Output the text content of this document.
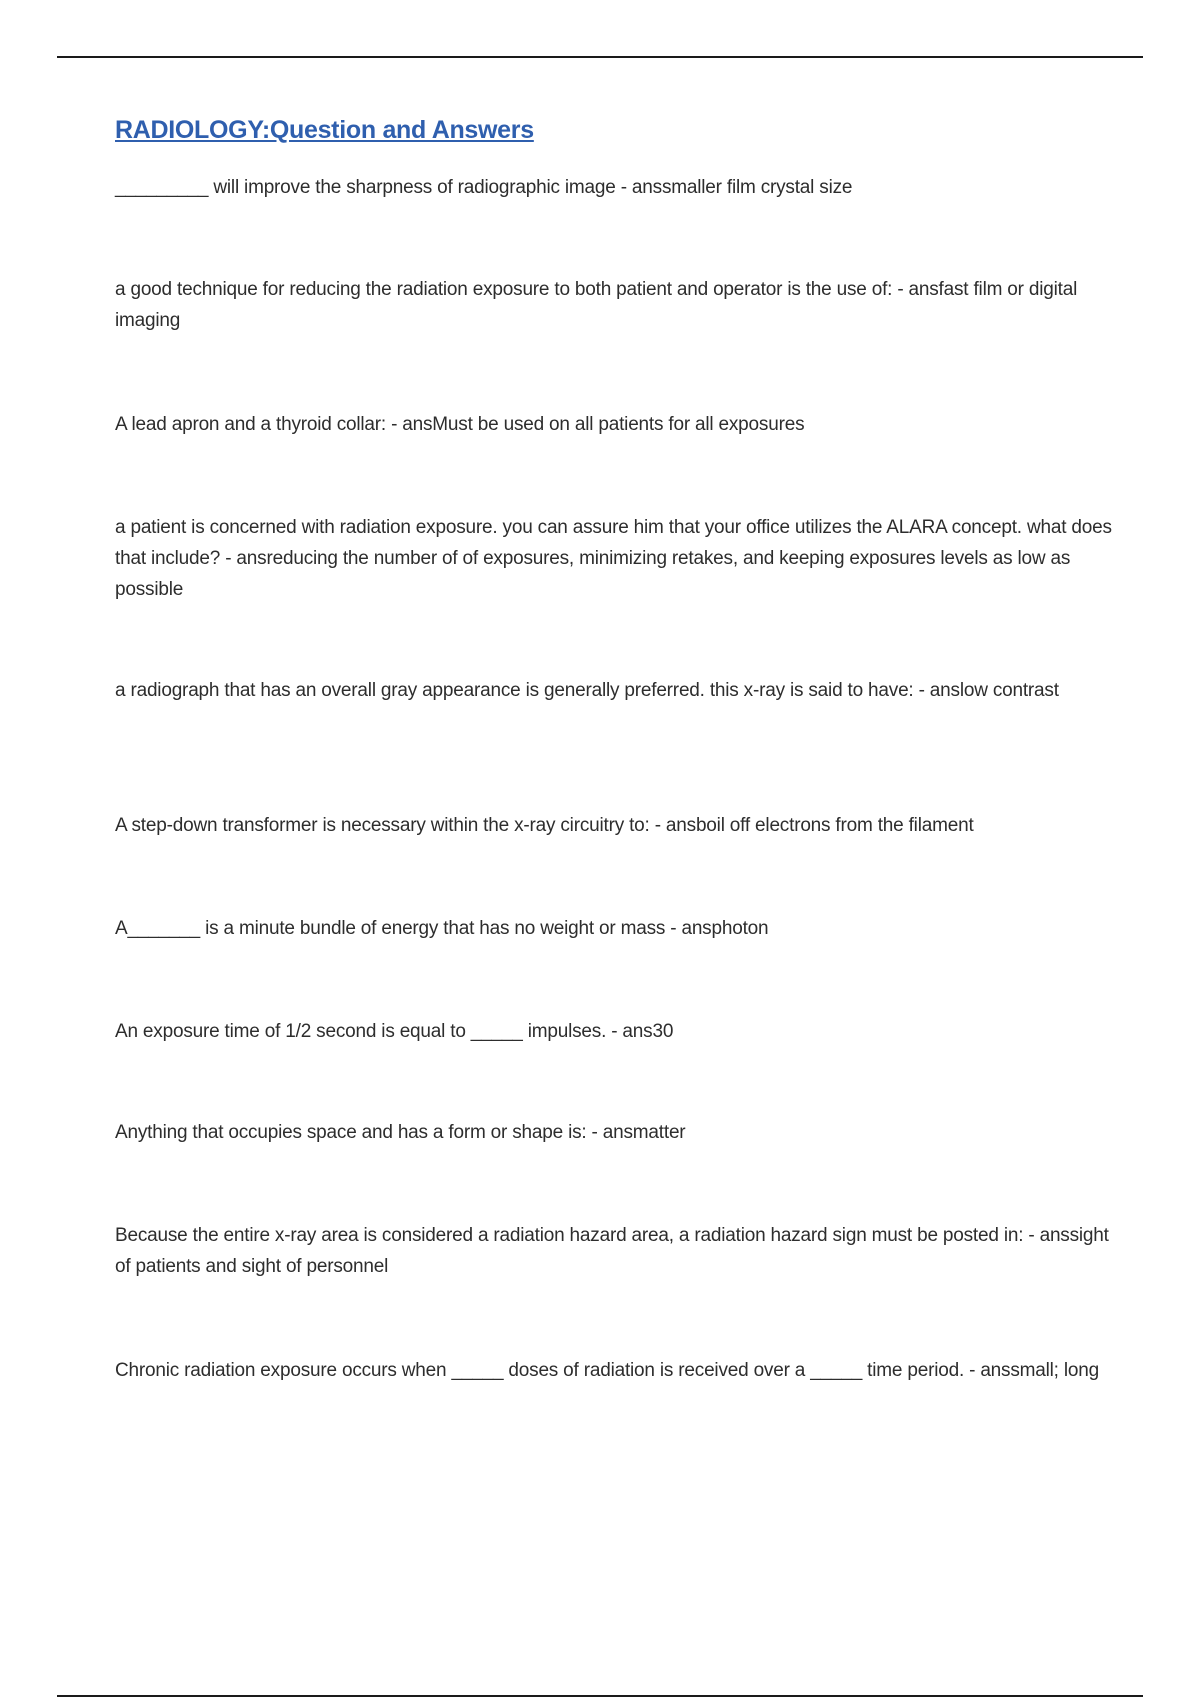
RADIOLOGY:Question and Answers

_________ will improve the sharpness of radiographic image - anssmaller film crystal size

a good technique for reducing the radiation exposure to both patient and operator is the use of: - ansfast film or digital imaging

A lead apron and a thyroid collar: - ansMust be used on all patients for all exposures

a patient is concerned with radiation exposure. you can assure him that your office utilizes the ALARA concept. what does that include? - ansreducing the number of of exposures, minimizing retakes, and keeping exposures levels as low as possible

a radiograph that has an overall gray appearance is generally preferred. this x-ray is said to have: - anslow contrast

A step-down transformer is necessary within the x-ray circuitry to: - ansboil off electrons from the filament

A_______ is a minute bundle of energy that has no weight or mass - ansphoton

An exposure time of 1/2 second is equal to _____ impulses. - ans30

Anything that occupies space and has a form or shape is: - ansmatter

Because the entire x-ray area is considered a radiation hazard area, a radiation hazard sign must be posted in: - anssight of patients and sight of personnel

Chronic radiation exposure occurs when _____ doses of radiation is received over a _____ time period. - anssmall; long
